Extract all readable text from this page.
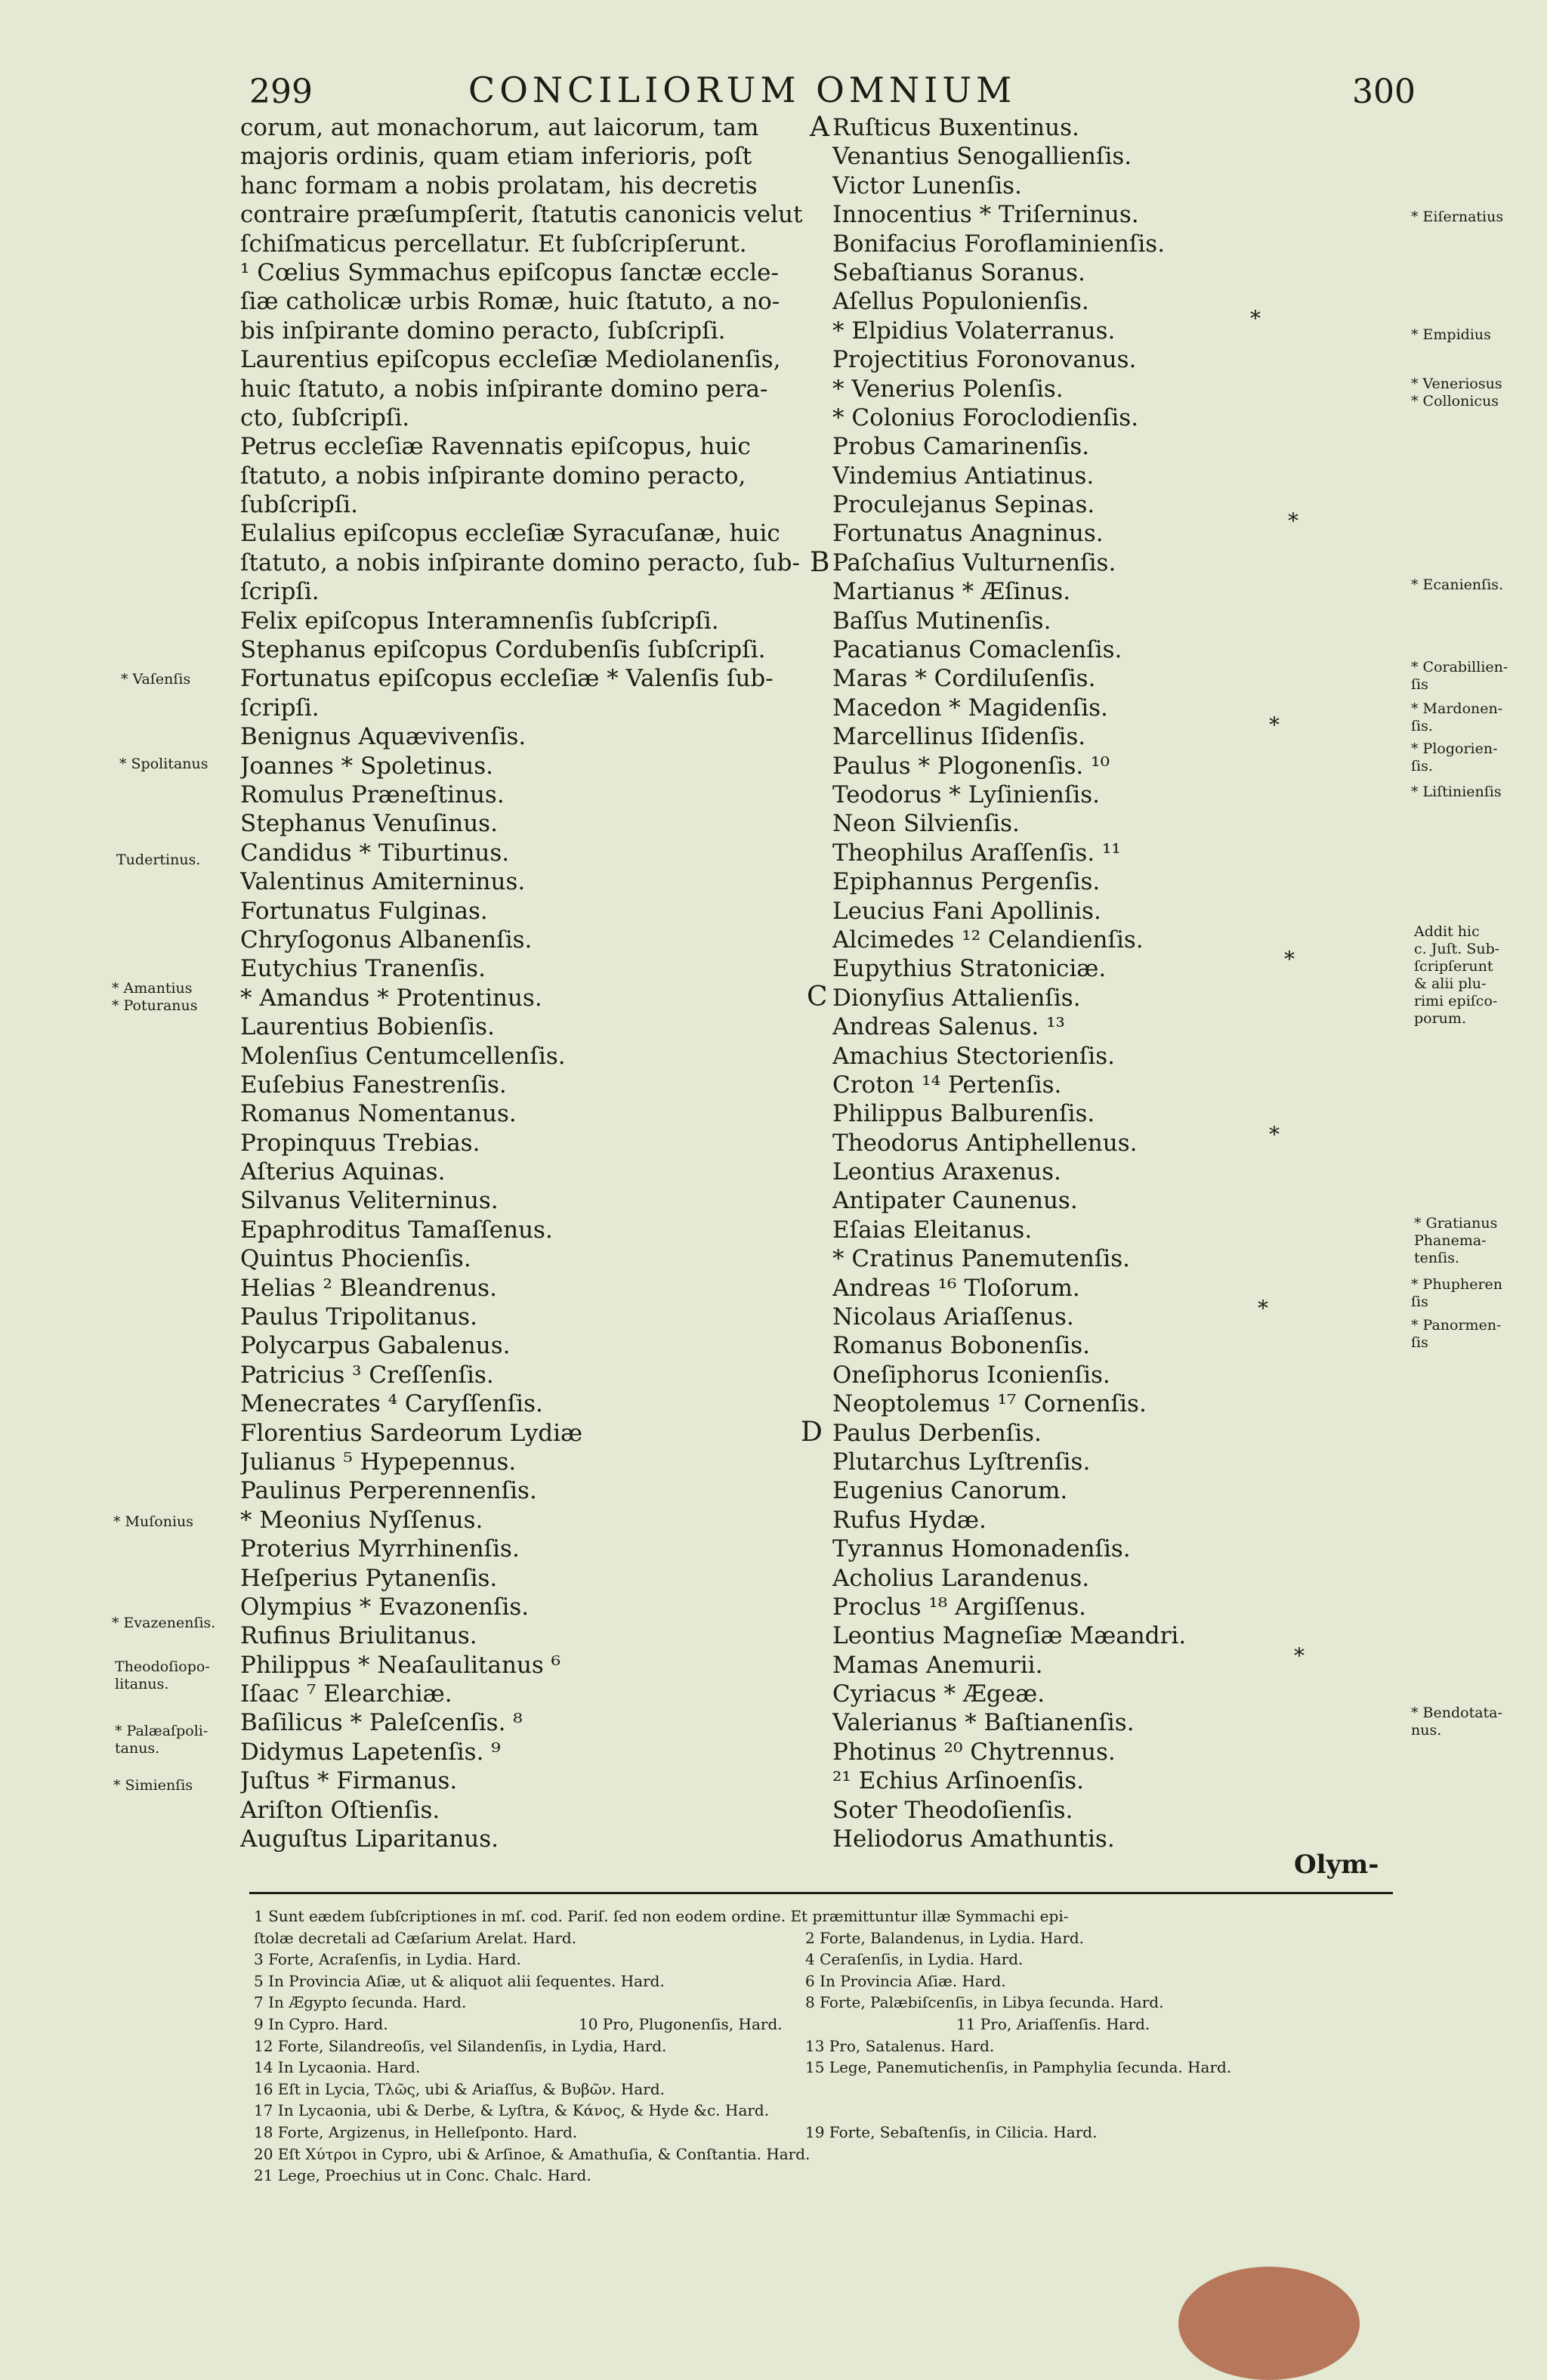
299	CONCILIORUM OMNIUM	300
corum, aut monachorum, aut laicorum, tam
majoris ordinis, quam etiam inferioris, poſt
hanc formam a nobis prolatam, his decretis
contraire præſumpſerit, ſtatutis canonicis velut
ſchiſmaticus percellatur. Et ſubſcripſerunt.
¹ Cœlius Symmachus epiſcopus ſanctæ eccle-
ſiæ catholicæ urbis Romæ, huic ſtatuto, a no-
bis inſpirante domino peracto, ſubſcripſi.
Laurentius epiſcopus eccleſiæ Mediolanenſis,
huic ſtatuto, a nobis inſpirante domino pera-
cto, ſubſcripſi.
Petrus eccleſiæ Ravennatis epiſcopus, huic
ſtatuto, a nobis inſpirante domino peracto,
ſubſcripſi.
Eulalius epiſcopus eccleſiæ Syracuſanæ, huic
ſtatuto, a nobis inſpirante domino peracto, ſub-
ſcripſi.
Felix epiſcopus Interamnenſis ſubſcripſi.
Stephanus epiſcopus Cordubenſis ſubſcripſi.
Fortunatus epiſcopus eccleſiæ * Valenſis ſub-
ſcripſi.
Benignus Aquævivenſis.
Joannes * Spoletinus.
Romulus Præneſtinus.
Stephanus Venuſinus.
Candidus * Tiburtinus.
Valentinus Amiterninus.
Fortunatus Fulginas.
Chryſogonus Albanenſis.
Eutychius Tranenſis.
* Amandus * Protentinus.
Laurentius Bobienſis.
Molenſius Centumcellenſis.
Euſebius Fanestrenſis.
Romanus Nomentanus.
Propinquus Trebias.
Aſterius Aquinas.
Silvanus Veliterninus.
Epaphroditus Tamaſſenus.
Quintus Phocienſis.
Helias ² Bleandrenus.
Paulus Tripolitanus.
Polycarpus Gabalenus.
Patricius ³ Creſſenſis.
Menecrates ⁴ Caryſſenſis.
Florentius Sardeorum Lydiæ
Julianus ⁵ Hypepennus.
Paulinus Perperennenſis.
* Meonius Nyſſenus.
Proterius Myrrhinenſis.
Heſperius Pytanenſis.
Olympius * Evazonenſis.
Rufinus Briulitanus.
Philippus * Neaſaulitanus ⁶
Iſaac ⁷ Elearchiæ.
Baſilicus * Paleſcenſis. ⁸
Didymus Lapetenſis. ⁹
Juſtus * Firmanus.
Ariſton Oſtienſis.
Auguſtus Liparitanus.
Ruſticus Buxentinus.
Venantius Senogallienſis.
Victor Lunenſis.
Innocentius * Triſerninus.
Bonifacius Foroflaminienſis.
Sebaſtianus Soranus.
Aſellus Populonienſis.
* Elpidius Volaterranus.
Projectitius Foronovanus.
* Venerius Polenſis.
* Colonius Foroclodienſis.
Probus Camarinenſis.
Vindemius Antiatinus.
Proculejanus Sepinas.
Fortunatus Anagninus.
Paſchaſius Vulturnenſis.
Martianus * Æſinus.
Baſſus Mutinenſis.
Pacatianus Comaclenſis.
Maras * Cordiluſenſis.
Macedon * Magidenſis.
Marcellinus Iſidenſis.
Paulus * Plogonenſis. ¹⁰
Teodorus * Lyſinienſis.
Neon Silvienſis.
Theophilus Araſſenſis. ¹¹
Epiphannus Pergenſis.
Leucius Fani Apollinis.
Alcimedes ¹² Celandienſis.
Eupythius Stratoniciæ.
Dionyſius Attalienſis.
Andreas Salenus. ¹³
Amachius Stectorienſis.
Croton ¹⁴ Pertenſis.
Philippus Balburenſis.
Theodorus Antiphellenus.
Leontius Araxenus.
Antipater Caunenus.
Eſaias Eleitanus.
* Cratinus Panemutenſis.
Andreas ¹⁶ Tloſorum.
Nicolaus Ariaſſenus.
Romanus Bobonenſis.
Oneſiphorus Iconienſis.
Neoptolemus ¹⁷ Cornenſis.
Paulus Derbenſis.
Plutarchus Lyſtrenſis.
Eugenius Canorum.
Rufus Hydæ.
Tyrannus Homonadenſis.
Acholius Larandenus.
Proclus ¹⁸ Argiſſenus.
Leontius Magneſiæ Mæandri.
Mamas Anemurii.
Cyriacus * Ægeæ.
Valerianus * Baſtianenſis.
Photinus ²⁰ Chytrennus.
²¹ Echius Arſinoenſis.
Soter Theodoſienſis.
Heliodorus Amathuntis.
A
B
C
D
* Vaſenſis
* Spolitanus
Tudertinus.
* Amantius
* Poturanus
* Muſonius
* Evazenenſis.
Theodoſiopo-
litanus.
* Palæaſpoli-
tanus.
* Simienſis
* Eiſernatius
* Empidius
* Veneriosus
* Collonicus
* Ecanienſis.
* Corabillien-
ſis
* Mardonen-
ſis.
* Plogorien-
ſis.
* Liſtinienſis
Addit hic
c. Juſt. Sub-
ſcripſerunt
& alii plu-
rimi epiſco-
porum.
* Gratianus
Phanema-
tenſis.
* Phupheren
ſis
* Panormen-
ſis
* Bendotata-
nus.
*
*
*
*
*
*
*
Olym-
1 Sunt eædem ſubſcriptiones in mſ. cod. Pariſ. ſed non eodem ordine. Et præmittuntur illæ Symmachi epi-
ſtolæ decretali ad Cæſarium Arelat. Hard.	2 Forte, Balandenus, in Lydia. Hard.
3 Forte, Acraſenſis, in Lydia. Hard.	4 Ceraſenſis, in Lydia. Hard.
5 In Provincia Aſiæ, ut & aliquot alii ſequentes. Hard.	6 In Provincia Aſiæ. Hard.
7 In Ægypto ſecunda. Hard.	8 Forte, Palæbiſcenſis, in Libya ſecunda. Hard.
9 In Cypro. Hard.	10 Pro, Plugonenſis, Hard.	11 Pro, Ariaſſenſis. Hard.
12 Forte, Silandreoſis, vel Silandenſis, in Lydia, Hard.	13 Pro, Satalenus. Hard.
14 In Lycaonia. Hard.	15 Lege, Panemutichenſis, in Pamphylia ſecunda. Hard.
16 Eſt in Lycia, Τλῶς, ubi & Ariaſſus, & Βυβῶν. Hard.
17 In Lycaonia, ubi & Derbe, & Lyſtra, & Κάνος, & Hyde &c. Hard.
18 Forte, Argizenus, in Helleſponto. Hard.	19 Forte, Sebaſtenſis, in Cilicia. Hard.
20 Eſt Χύτροι in Cypro, ubi & Arſinoe, & Amathuſia, & Conſtantia. Hard.
21 Lege, Proechius ut in Conc. Chalc. Hard.
